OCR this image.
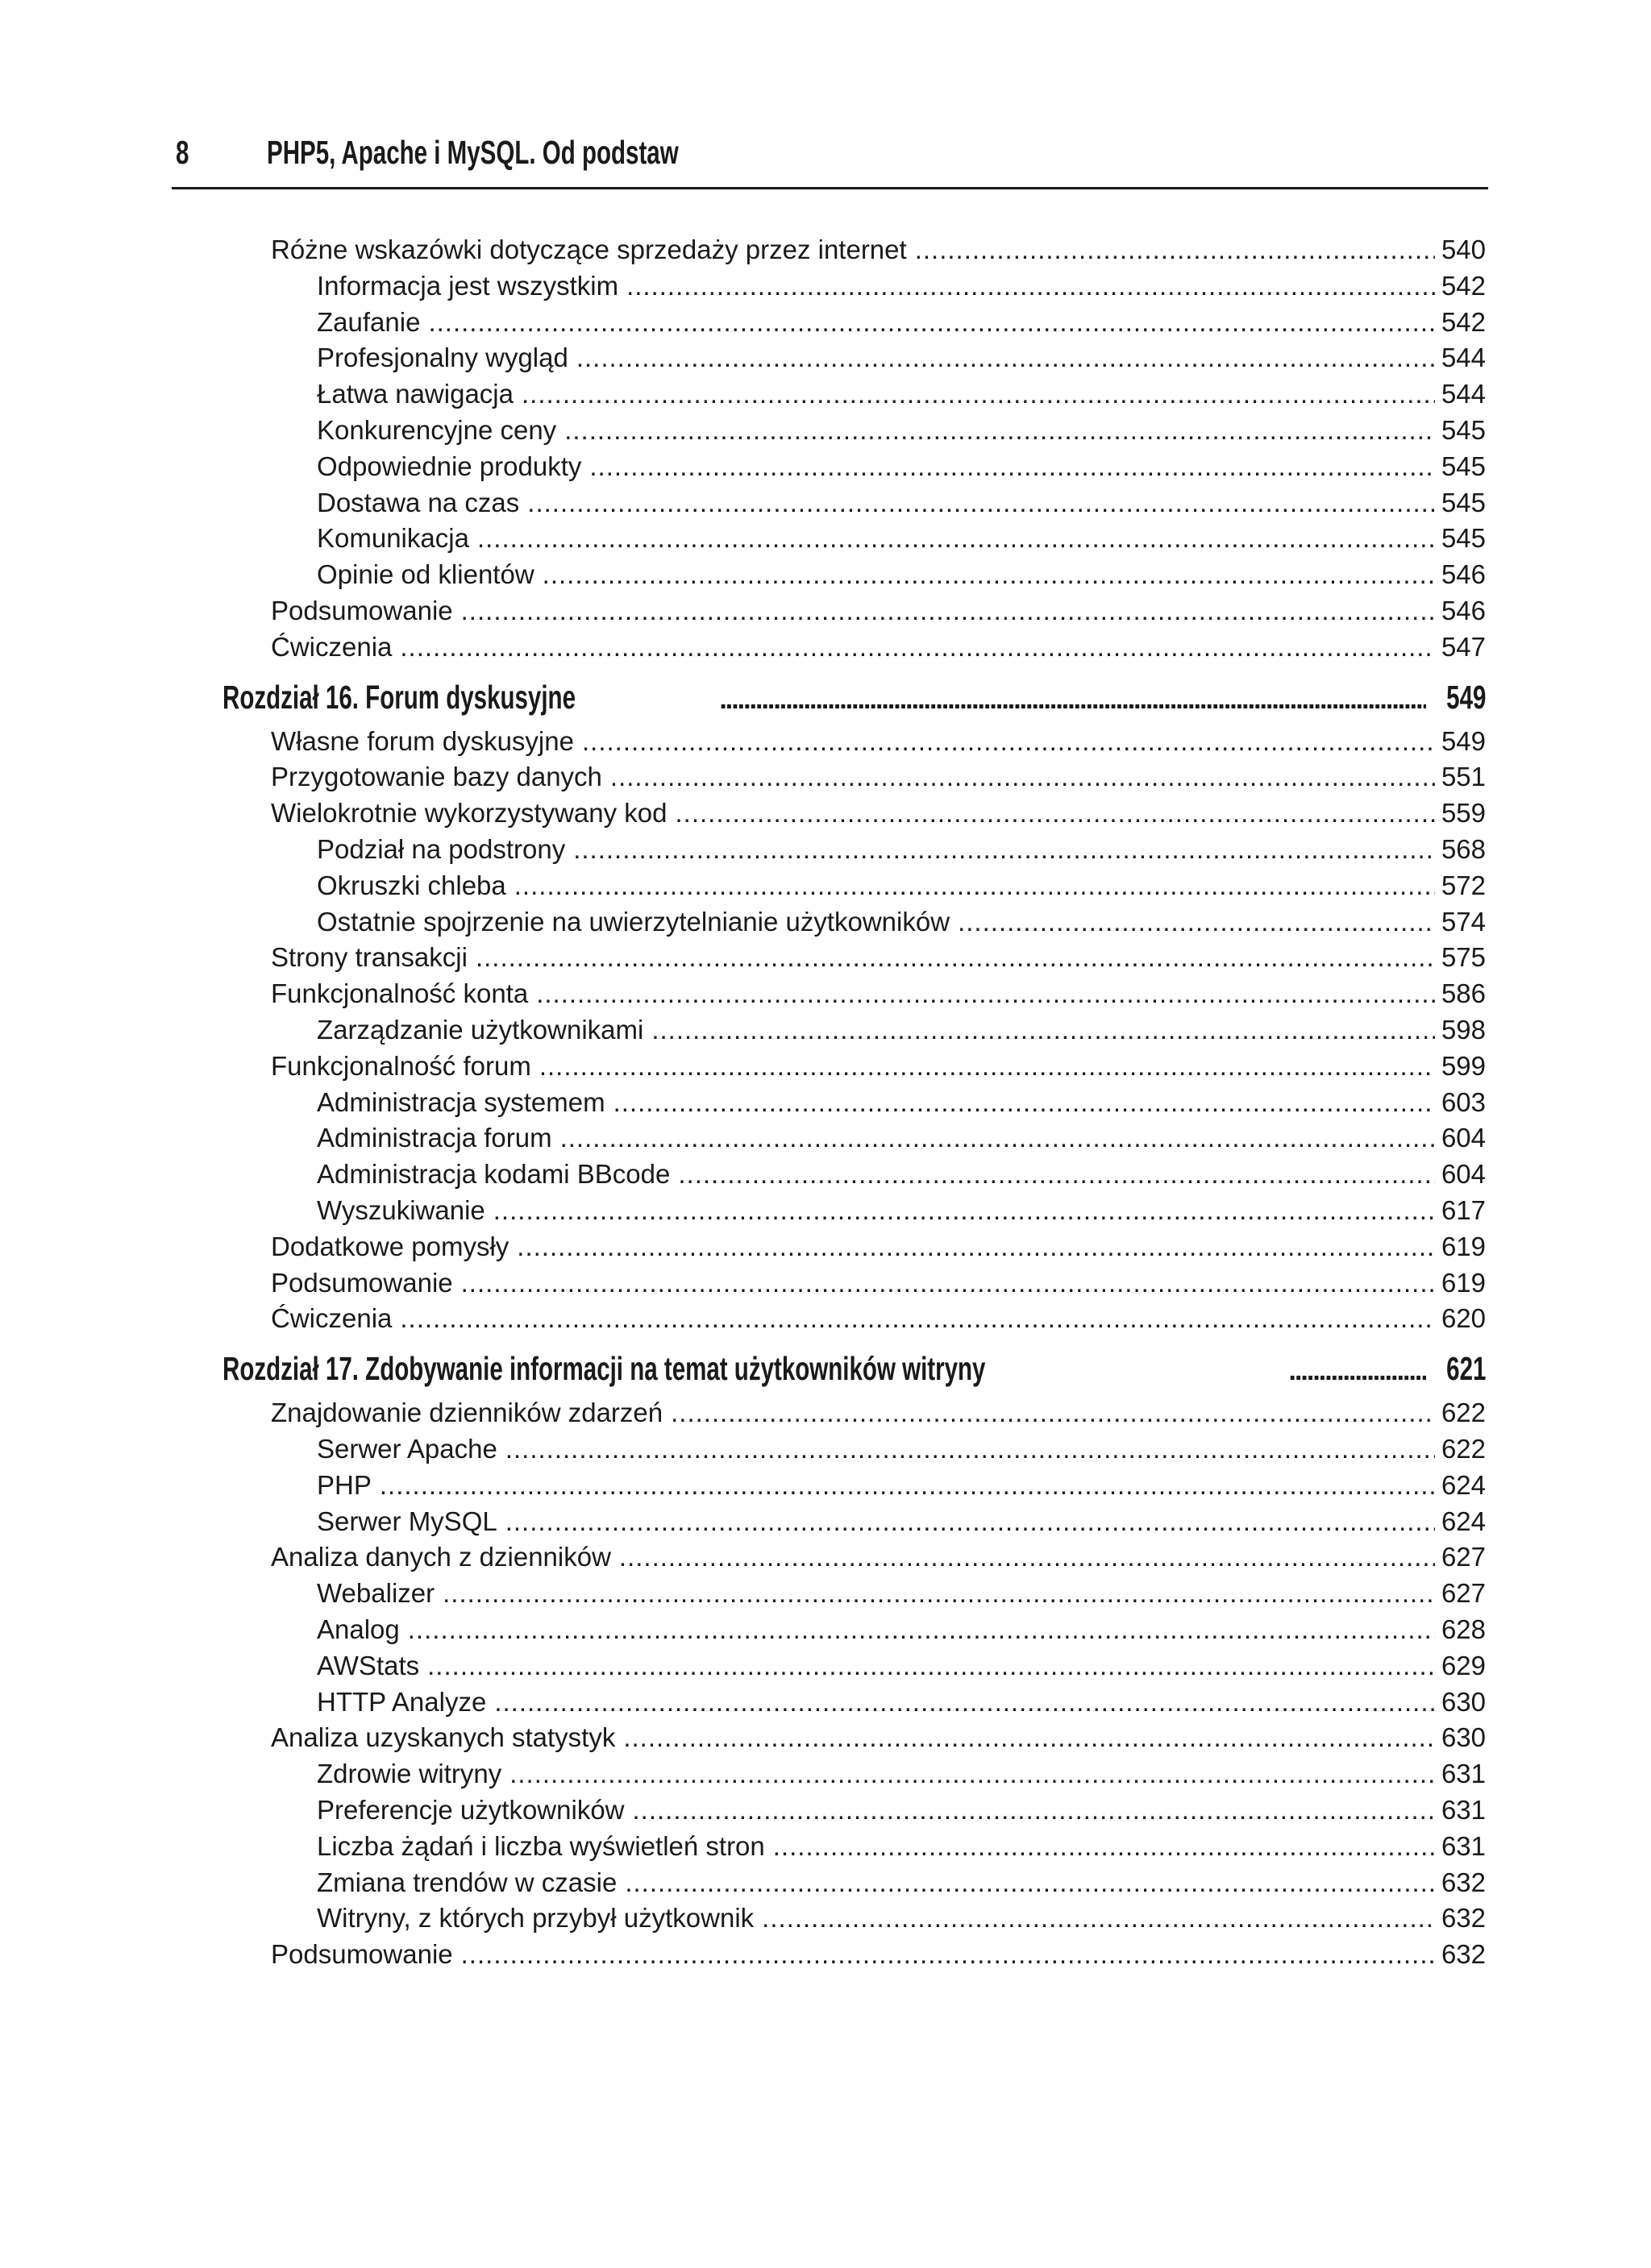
8 PHP5, Apache i MySQL. Od podstaw
Różne wskazówki dotyczące sprzedaży przez internet .....	540
Informacja jest wszystkim .....	542
Zaufanie .....	542
Profesjonalny wygląd .....	544
Łatwa nawigacja .....	544
Konkurencyjne ceny .....	545
Odpowiednie produkty .....	545
Dostawa na czas .....	545
Komunikacja .....	545
Opinie od klientów .....	546
Podsumowanie .....	546
Ćwiczenia .....	547
Rozdział 16. Forum dyskusyjne .....	549
Własne forum dyskusyjne .....	549
Przygotowanie bazy danych .....	551
Wielokrotnie wykorzystywany kod .....	559
Podział na podstrony .....	568
Okruszki chleba .....	572
Ostatnie spojrzenie na uwierzytelnianie użytkowników .....	574
Strony transakcji .....	575
Funkcjonalność konta .....	586
Zarządzanie użytkownikami .....	598
Funkcjonalność forum .....	599
Administracja systemem .....	603
Administracja forum .....	604
Administracja kodami BBcode .....	604
Wyszukiwanie .....	617
Dodatkowe pomysły .....	619
Podsumowanie .....	619
Ćwiczenia .....	620
Rozdział 17. Zdobywanie informacji na temat użytkowników witryny .....	621
Znajdowanie dzienników zdarzeń .....	622
Serwer Apache .....	622
PHP .....	624
Serwer MySQL .....	624
Analiza danych z dzienników .....	627
Webalizer .....	627
Analog .....	628
AWStats .....	629
HTTP Analyze .....	630
Analiza uzyskanych statystyk .....	630
Zdrowie witryny .....	631
Preferencje użytkowników .....	631
Liczba żądań i liczba wyświetleń stron .....	631
Zmiana trendów w czasie .....	632
Witryny, z których przybył użytkownik .....	632
Podsumowanie .....	632
